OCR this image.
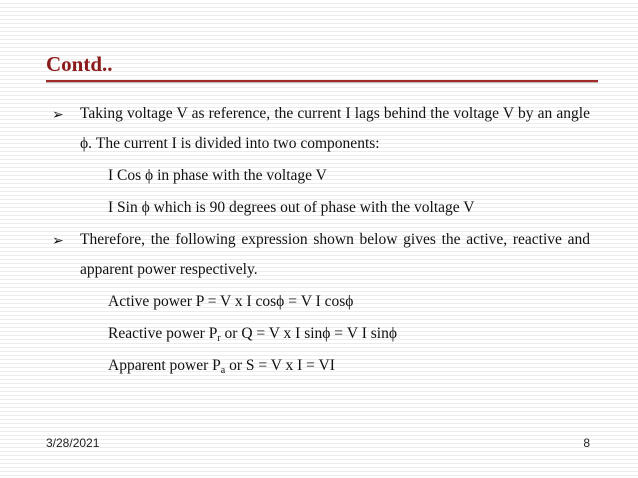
Contd..
➢ Taking voltage V as reference, the current I lags behind the voltage V by an angle ϕ. The current I is divided into two components:

I Cos ϕ in phase with the voltage V
I Sin ϕ which is 90 degrees out of phase with the voltage V
➢ Therefore, the following expression shown below gives the active, reactive and apparent power respectively.

Active power P = V x I cosϕ = V I cosϕ
Reactive power $P_r$ or Q = V x I sinϕ = V I sinϕ
Apparent power $P_a$ or S = V x I = VI
3/28/2021	8
